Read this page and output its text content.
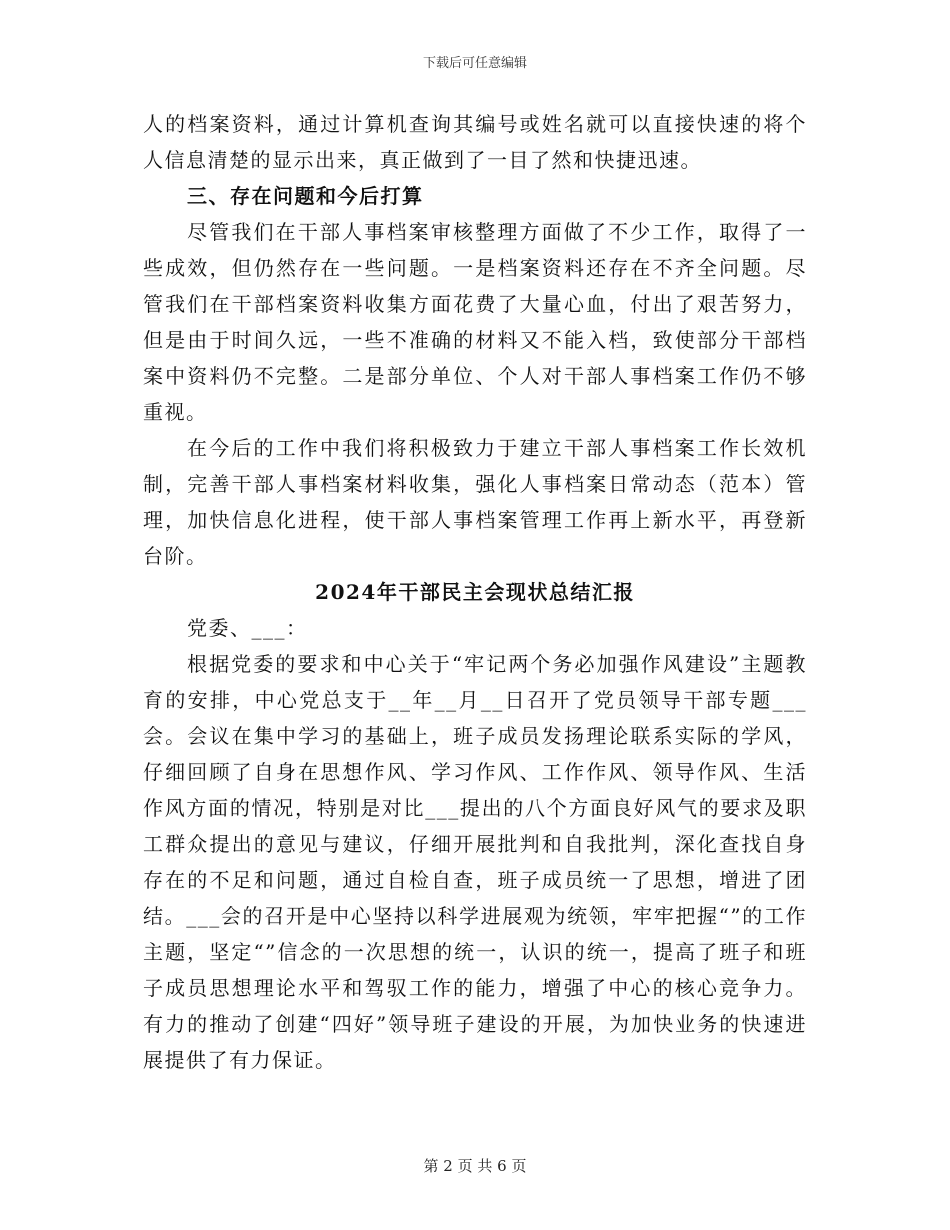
下载后可任意编辑

人的档案资料，通过计算机查询其编号或姓名就可以直接快速的将个人信息清楚的显示出来，真正做到了一目了然和快捷迅速。

三、存在问题和今后打算

尽管我们在干部人事档案审核整理方面做了不少工作，取得了一些成效，但仍然存在一些问题。一是档案资料还存在不齐全问题。尽管我们在干部档案资料收集方面花费了大量心血，付出了艰苦努力，但是由于时间久远，一些不准确的材料又不能入档，致使部分干部档案中资料仍不完整。二是部分单位、个人对干部人事档案工作仍不够重视。

在今后的工作中我们将积极致力于建立干部人事档案工作长效机制，完善干部人事档案材料收集，强化人事档案日常动态（范本）管理，加快信息化进程，使干部人事档案管理工作再上新水平，再登新台阶。

2024年干部民主会现状总结汇报

党委、___：

根据党委的要求和中心关于“牢记两个务必加强作风建设”主题教育的安排，中心党总支于__年__月__日召开了党员领导干部专题___会。会议在集中学习的基础上，班子成员发扬理论联系实际的学风，仔细回顾了自身在思想作风、学习作风、工作作风、领导作风、生活作风方面的情况，特别是对比___提出的八个方面良好风气的要求及职工群众提出的意见与建议，仔细开展批判和自我批判，深化查找自身存在的不足和问题，通过自检自查，班子成员统一了思想，增进了团结。___会的召开是中心坚持以科学进展观为统领，牢牢把握“”的工作主题，坚定“”信念的一次思想的统一，认识的统一，提高了班子和班子成员思想理论水平和驾驭工作的能力，增强了中心的核心竞争力。有力的推动了创建“四好”领导班子建设的开展，为加快业务的快速进展提供了有力保证。

第 2 页 共 6 页
